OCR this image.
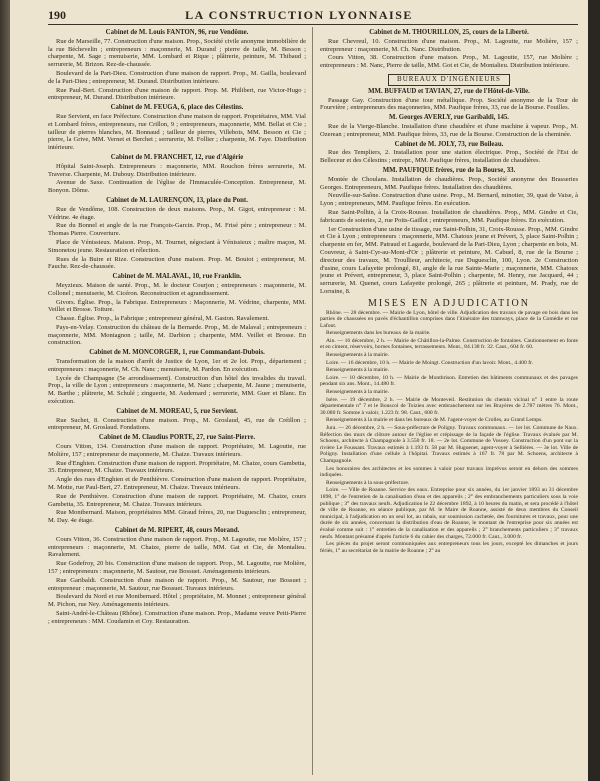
190	LA CONSTRUCTION LYONNAISE
Cabinet de M. Louis FANTON, 96, rue Vendôme.

Rue de Marseille, 77. Construction d'une maison. Prop., Société civile anonyme immobilière de la rue Béchevelin ; entrepreneurs : maçonnerie, M. Durand ; pierre de taille, M. Besson ; charpente, M. Sage ; menuiserie, MM. Lombard et Rique ; plâtrerie, peinture, M. Thibaud ; serrurerie, M. Brizon. Rez-de-chaussée.

Boulevard de la Part-Dieu. Construction d'une maison de rapport. Prop., M. Gailla, boulevard de la Part-Dieu ; entrepreneur, M. Durand. Distribution intérieure.

Rue Paul-Bert. Construction d'une maison de rapport. Prop. M. Philibert, rue Victor-Hugo ; entrepreneur, M. Durand. Distribution intérieure.

Cabinet de M. FEUGA, 6, place des Célestins.

Rue Servient, en face Préfecture. Construction d'une maison de rapport. Propriétaires, MM. Vial et Lombard frères, entrepreneurs, rue Crillon, 9 ; entrepreneurs, maçonnerie, MM. Bellat et Cie ; tailleur de pierres blanches, M. Bonnaud ; tailleur de pierres, Villebois, MM. Besson et Cie ; pierre, la Grive, MM. Vernet et Berchet ; serrurerie, M. Follier ; charpente, M. Faye. Distribution intérieure.

Cabinet de M. FRANCHET, 12, rue d'Algérie

Hôpital Saint-Joseph. Entrepreneurs : maçonnerie, MM. Rouchon frères serrurerie, M. Traverse. Charpente, M. Dubouy. Distribution intérieure.

Avenue de Saxe. Continuation de l'église de l'Immaculée-Conception. Entrepreneur, M. Bonyon. Dôme.

Cabinet de M. LAURENÇON, 13, place du Pont.

Rue de Vendôme, 108. Construction de deux maisons. Prop., M. Gigot, entrepreneur : M. Védrine. 4e étage.

Rue du Bonnel et angle de la rue François-Garcin. Prop., M. Frisé père ; entrepreneur : M. Thomas Pierre. Couverture.

Place de Vénissieux. Maison. Prop., M. Tournet, négociant à Vénissieux ; maître maçon, M. Simonetou jeune. Restauration et rélection.

Rues de la Buire et Rize. Construction d'une maison. Prop. M. Bouiot ; entrepreneur, M. Fauche. Rez-de-chaussée.

Cabinet de M. MALAVAL, 10, rue Franklin.

Meyzieux. Maison de santé. Prop., M. le docteur Courjon ; entrepreneurs : maçonnerie, M. Collonel ; menuiserie, M. Cicéron. Reconstruction et agrandissement.

Givors. Église. Prop., la Fabrique. Entrepreneurs : Maçonnerie, M. Védrine, charpente, MM. Veillet et Brosse. Toiture.

Chasse. Église. Prop., la Fabrique ; entrepreneur général, M. Gaston. Ravalement.

Pays-en-Velay. Construction du château de la Bernarde. Prop., M. de Malaval ; entrepreneurs : maçonnerie, MM. Montagnon ; taille, M. Darbion ; charpente, MM. Veillet et Brosse. En construction.

Cabinet de M. MONCORGER, 1, rue Commandant-Dubois.

Transformation de la maison d'arrêt de Justice de Lyon, 1er et 2e lot. Prop., département ; entrepreneurs : maçonnerie, M. Ch. Nanc ; menuiserie, M. Pardon. En exécution.

Lycée de Champagne (5e arrondissement). Construction d'un hôtel des invalides du travail. Prop., la ville de Lyon ; entrepreneurs : maçonnerie, M. Nanc ; charpente, M. Jaune ; menuiserie, M. Barthe ; plâtrerie, M. Schulé ; zinguerie, M. Audemard ; serrurerie, MM. Guer et Blanc. En exécution.

Cabinet de M. MOREAU, 5, rue Servient.

Rue Suchet, 8. Construction d'une maison. Prop., M. Groslaud, 45, rue de Créillon ; entrepreneur, M. Groslaud. Fondations.

Cabinet de M. Claudius PORTE, 27, rue Saint-Pierre.

Cours Vitton, 134. Construction d'une maison de rapport. Propriétaire, M. Lagoutte, rue Molière, 157 ; entrepreneur de maçonnerie, M. Chaize. Travaux intérieurs.

Rue d'Enghien. Construction d'une maison de rapport. Propriétaire, M. Chaize, cours Gambetta, 35. Entrepreneur, M. Chaize. Travaux intérieurs.

Angle des rues d'Enghien et de Penthièvre. Construction d'une maison de rapport. Propriétaire, M. Motte, rue Paul-Bert, 27. Entrepreneur, M. Chaize. Travaux intérieurs.

Rue de Penthièvre. Construction d'une maison de rapport. Propriétaire, M. Chaize, cours Gambetta, 35. Entrepreneur, M. Chaize. Travaux intérieurs.

Rue Montbernard. Maison, propriétaires MM. Giraud frères, 20, rue Duguesclin ; entrepreneur, M. Day. 4e étage.

Cabinet de M. RIPERT, 48, cours Morand.

Cours Vitton, 36. Construction d'une maison de rapport. Prop., M. Lagoutte, rue Molière, 157 ; entrepreneurs : maçonnerie, M. Chaize, pierre de taille, MM. Gat et Cie, de Montalieu. Ravalement.

Rue Godefroy, 20 bis. Construction d'une maison de rapport. Prop., M. Lagoutte, rue Molière, 157 ; entrepreneurs : maçonnerie, M. Sautour, rue Bossuet. Aménagements intérieurs.

Rue Garibaldi. Construction d'une maison de rapport. Prop., M. Sautour, rue Bossuet ; entrepreneur : maçonnerie, M. Sautour, rue Bossuet. Travaux intérieurs.

Boulevard du Nord et rue Montbernard. Hôtel ; propriétaire, M. Monnet ; entrepreneur général M. Pichon, rue Ney. Aménagements intérieurs.

Saint-André-le-Château (Rhône). Construction d'une maison. Prop., Madame veuve Petit-Pierre ; entrepreneurs : MM. Coudamin et Coy. Restauration.

Cabinet de M. THOURILLON, 25, cours de la Liberté.

Rue Chevreul, 10. Construction d'une maison. Prop., M. Lagoutte, rue Molière, 157 ; entrepreneur : maçonnerie, M. Ch. Nanc. Distribution.

Cours Vitton, 38. Construction d'une maison. Prop., M. Lagoutte, 157, rue Molière ; entrepreneurs : M. Nanc, Pierre de taille, MM. Got et Cie, de Montalieu. Distribution intérieure.

BUREAUX D'INGÉNIEURS
MM. BUFFAUD et TAVIAN, 27, rue de l'Hôtel-de-Ville.

Passage Gay. Construction d'une tour métallique. Prop. Société anonyme de la Tour de Fourvière ; entrepreneurs des maçonneries, MM. Paufique frères, 33, rue de la Bourse. Fouilles.

M. Georges AVERLY, rue Garibaldi, 145.

Rue de la Vierge-Blanche. Installation d'une chaudière et d'une machine à vapeur. Prop., M. Ozerean ; entrepreneur, MM. Paufique frères, 33, rue de la Bourse. Construction de la cheminée.

Cabinet de M. JOLY, 73, rue Boileau.

Rue des Templiers, 2. Installation pour une station électrique. Prop., Société de l'Est de Belleceur et des Célestins ; entrepr., MM. Paufique frères, installation de chaudières.

MM. PAUFIQUE frères, rue de la Bourse, 33.

Montée de Choulans. Installation de chaudières. Prop., Société anonyme des Brasseries Georges. Entrepreneurs, MM. Paufique frères. Installation des chaudières.

Neuville-sur-Saône. Construction d'une usine. Prop., M. Bernard, minotier, 39, quai de Vaise, à Lyon ; entrepreneurs, MM. Paufique frères. En exécution.

Rue Saint-Polhin, à la Croix-Rousse. Installation de chaudières. Prop., MM. Gindre et Cie, fabricants de soieries, 2, rue Poits-Gaillot ; entrepreneurs, MM. Paufique frères. En exécution.

1er Construction d'une usine de tissage, rue Saint-Polhin, 31, Croix-Rousse. Prop., MM. Gindre et Cie à Lyon ; entrepreneurs : maçonnerie, MM. Chatoux jeune et Prévert, 3, place Saint-Polhin ; charpente en fer, MM. Patraud et Lagarde, boulevard de la Part-Dieu, Lyon ; charpente en bois, M. Couvreur, à Saint-Cyr-au-Mont-d'Or ; plâtrerie et peinture, M. Cabuel, 8, rue de la Bourse ; directeur des travaux, M. Troullieur, architecte, rue Duguesclin, 100, Lyon. 2e Construction d'usine, cours Lafayette prolongé, 81, angle de la rue Sainte-Marie ; maçonnerie, MM. Chatoux jeune et Prévert, entrepreneur, 3, place Saint-Polhin ; charpente, M. Henry, rue Jacquard, 44 ; serrurerie, M. Quenet, cours Lafayette prolongé, 265 ; plâtrerie et peinture, M. Prady, rue de Lorraine, 8.

MISES EN ADJUDICATION

Rhône. — 28 décembre. — Mairie de Lyon, hôtel de ville. Adjudication des travaux de pavage en bois dans les parties de chaussées en pavés d'échantillon comprises dans l'itinéraire des tramways, place de la Comédie et rue Lafont.

Renseignements dans les bureaux de la mairie.

Ain. — 16 décembre, 2 h. — Mairie de Châtillon-la-Palme. Construction de fontaines. Cautionnement en fonte et en ciment, réservoirs, bornes fontaines, terrassements. Mont., 84.138 fr. 32. Caut., 604 fr. 60.

Renseignements à la mairie.

Loire. — 16 décembre, 10 h. — Mairie de Moingt. Construction d'un lavoir. Mont., 4.400 fr.

Renseignements à la mairie.

Loire. — 10 décembre, 10 h. — Mairie de Montbrison. Entretien des bâtiments communaux et des pavages pendant six ans. Mont., 14.480 fr.

Renseignements à la mairie.

Isère. — 19 décembre, 2 h. — Mairie de Monteveil. Restitution du chemin vicinal n° 1 entre la route départementale n° 7 et le Bouscol de Toizieu avec embranchement sur les Brayères de 2.787 mètres 76. Mont., 30.080 fr. Somme à valoir, 1.223 fr. 98. Caut., 600 fr.

Renseignements à la mairie et dans les bureaux de M. l'agent-voyer de Crolles, au Grand Lemps.

Jura. — 26 décembre, 2 h. — Sous-préfecture de Poligny. Travaux communaux. — 1er lot. Commune de Naux. Réfection des murs de clôture autour de l'église et crépissage de la façade de l'église. Travaux évalués par M. Schoens, architecte à Champagnole à 3.550 fr. 18. — 2e lot. Commune de Vosoey. Construction d'un pont sur la rivière Le Foussant. Travaux estimés à 1.193 fr. 58 par M. Huguenet, agent-voyer à Sellières. — 3e lot. Ville de Poligny. Installation d'une cellule à l'hôpital. Travaux estimés à 167 fr. 78 par M. Schoens, architecte à Champagnole.

Les honoraires des architectes et les sommes à valoir pour travaux imprévus seront en dehors des sommes indiquées.

Renseignements à la sous-préfecture.

Loire. — Ville de Roanne. Service des eaux. Entreprise pour six années, du 1er janvier 1893 au 31 décembre 1898, 1° de l'entretien de la canalisation d'eau et des appareils ; 2° des embranchements particuliers sous la voie publique ; 3° des travaux neufs. Adjudication le 22 décembre 1892, à 10 heures du matin, et sera procédé à l'hôtel de ville de Roanne, en séance publique, par M. le Maire de Roanne, assisté de deux membres du Conseil municipal, à l'adjudication en un seul lot, au rabais, sur soumission cachetée, des fournitures et travaux, pour une durée de six années, concernant la distribution d'eau de Roanne, le montant de l'entreprise pour six années est évalué comme suit : 1° entretien de la canalisation et des appareils ; 2° branchements particuliers ; 3° travaux neufs. Montant présumé d'après l'article 6 du cahier des charges, 72.000 fr. Caut., 3.000 fr.

Les pièces du projet seront communiquées aux entrepreneurs tous les jours, excepté les dimanches et jours fériés, 1° au secrétariat de la mairie de Roanne ; 2° au
